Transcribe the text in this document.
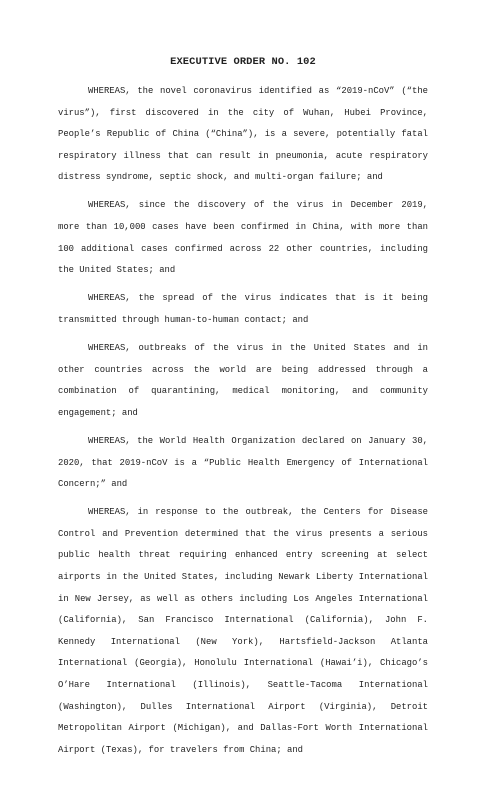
EXECUTIVE ORDER NO. 102

WHEREAS, the novel coronavirus identified as “2019-nCoV” (“the virus”), first discovered in the city of Wuhan, Hubei Province, People’s Republic of China (“China”), is a severe, potentially fatal respiratory illness that can result in pneumonia, acute respiratory distress syndrome, septic shock, and multi-organ failure; and

WHEREAS, since the discovery of the virus in December 2019, more than 10,000 cases have been confirmed in China, with more than 100 additional cases confirmed across 22 other countries, including the United States; and

WHEREAS, the spread of the virus indicates that is it being transmitted through human-to-human contact; and

WHEREAS, outbreaks of the virus in the United States and in other countries across the world are being addressed through a combination of quarantining, medical monitoring, and community engagement; and

WHEREAS, the World Health Organization declared on January 30, 2020, that 2019-nCoV is a “Public Health Emergency of International Concern;” and

WHEREAS, in response to the outbreak, the Centers for Disease Control and Prevention determined that the virus presents a serious public health threat requiring enhanced entry screening at select airports in the United States, including Newark Liberty International in New Jersey, as well as others including Los Angeles International (California), San Francisco International (California), John F. Kennedy International (New York), Hartsfield-Jackson Atlanta International (Georgia), Honolulu International (Hawai’i), Chicago’s O’Hare International (Illinois), Seattle-Tacoma International (Washington), Dulles International Airport (Virginia), Detroit Metropolitan Airport (Michigan), and Dallas-Fort Worth International Airport (Texas), for travelers from China; and
